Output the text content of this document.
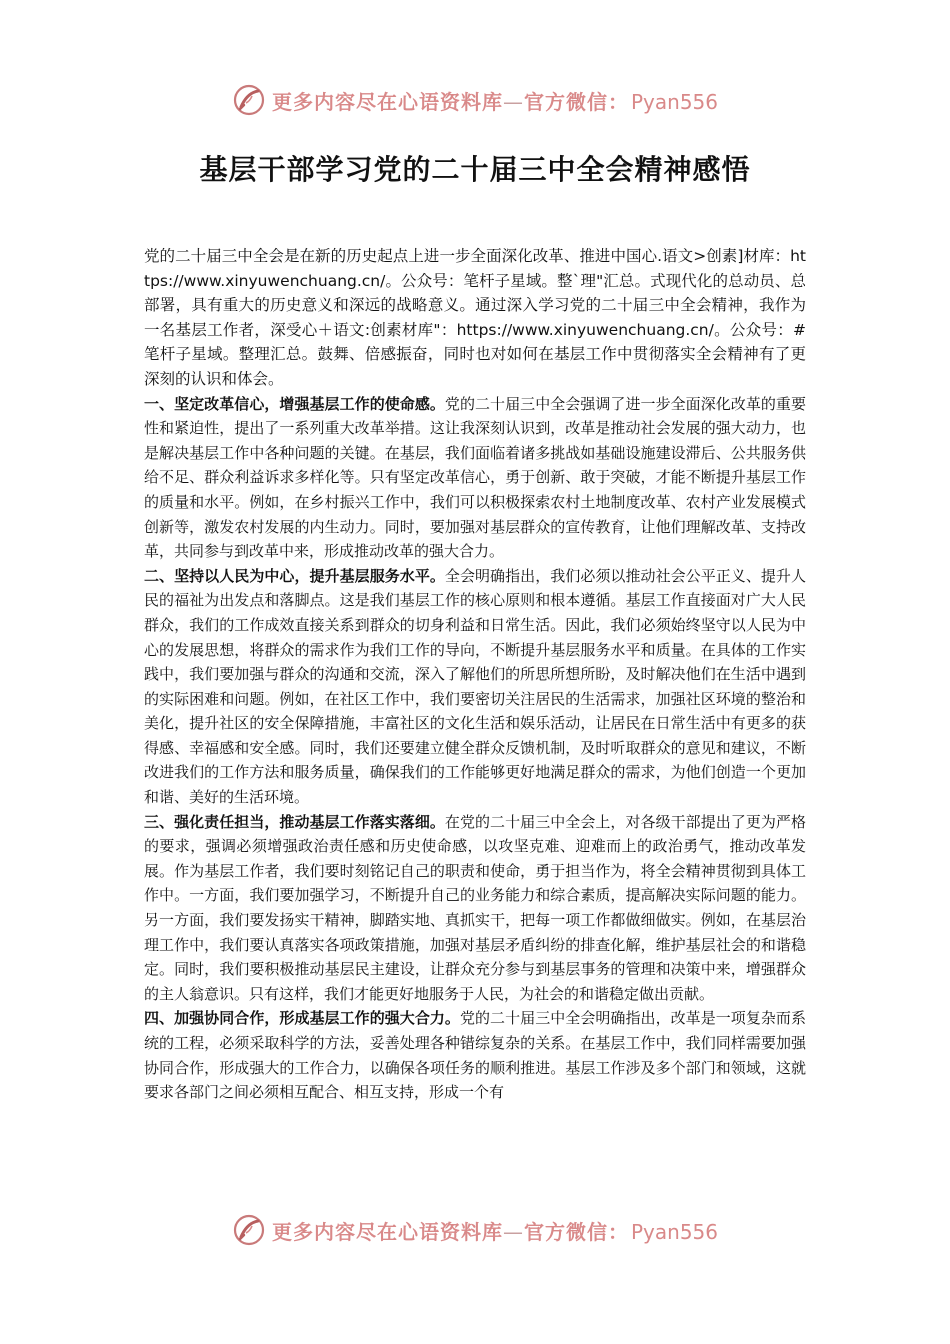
更多内容尽在心语资料库—官方微信： Pyan556
基层干部学习党的二十届三中全会精神感悟

党的二十届三中全会是在新的历史起点上进一步全面深化改革、推进中国心.语文>创素]材库：https://www.xinyuwenchuang.cn/。公众号：笔杆子星域。整`理"汇总。式现代化的总动员、总部署，具有重大的历史意义和深远的战略意义。通过深入学习党的二十届三中全会精神，我作为一名基层工作者，深受心＋语文:创素材库"：https://www.xinyuwenchuang.cn/。公众号：#笔杆子星域。整理汇总。鼓舞、倍感振奋，同时也对如何在基层工作中贯彻落实全会精神有了更深刻的认识和体会。

一、坚定改革信心，增强基层工作的使命感。党的二十届三中全会强调了进一步全面深化改革的重要性和紧迫性，提出了一系列重大改革举措。这让我深刻认识到，改革是推动社会发展的强大动力，也是解决基层工作中各种问题的关键。在基层，我们面临着诸多挑战如基础设施建设滞后、公共服务供给不足、群众利益诉求多样化等。只有坚定改革信心，勇于创新、敢于突破，才能不断提升基层工作的质量和水平。例如，在乡村振兴工作中，我们可以积极探索农村土地制度改革、农村产业发展模式创新等，激发农村发展的内生动力。同时，要加强对基层群众的宣传教育，让他们理解改革、支持改革，共同参与到改革中来，形成推动改革的强大合力。

二、坚持以人民为中心，提升基层服务水平。全会明确指出，我们必须以推动社会公平正义、提升人民的福祉为出发点和落脚点。这是我们基层工作的核心原则和根本遵循。基层工作直接面对广大人民群众，我们的工作成效直接关系到群众的切身利益和日常生活。因此，我们必须始终坚守以人民为中心的发展思想，将群众的需求作为我们工作的导向，不断提升基层服务水平和质量。在具体的工作实践中，我们要加强与群众的沟通和交流，深入了解他们的所思所想所盼，及时解决他们在生活中遇到的实际困难和问题。例如，在社区工作中，我们要密切关注居民的生活需求，加强社区环境的整治和美化，提升社区的安全保障措施，丰富社区的文化生活和娱乐活动，让居民在日常生活中有更多的获得感、幸福感和安全感。同时，我们还要建立健全群众反馈机制，及时听取群众的意见和建议，不断改进我们的工作方法和服务质量，确保我们的工作能够更好地满足群众的需求，为他们创造一个更加和谐、美好的生活环境。

三、强化责任担当，推动基层工作落实落细。在党的二十届三中全会上，对各级干部提出了更为严格的要求，强调必须增强政治责任感和历史使命感，以攻坚克难、迎难而上的政治勇气，推动改革发展。作为基层工作者，我们要时刻铭记自己的职责和使命，勇于担当作为，将全会精神贯彻到具体工作中。一方面，我们要加强学习，不断提升自己的业务能力和综合素质，提高解决实际问题的能力。另一方面，我们要发扬实干精神，脚踏实地、真抓实干，把每一项工作都做细做实。例如，在基层治理工作中，我们要认真落实各项政策措施，加强对基层矛盾纠纷的排查化解，维护基层社会的和谐稳定。同时，我们要积极推动基层民主建设，让群众充分参与到基层事务的管理和决策中来，增强群众的主人翁意识。只有这样，我们才能更好地服务于人民，为社会的和谐稳定做出贡献。

四、加强协同合作，形成基层工作的强大合力。党的二十届三中全会明确指出，改革是一项复杂而系统的工程，必须采取科学的方法，妥善处理各种错综复杂的关系。在基层工作中，我们同样需要加强协同合作，形成强大的工作合力，以确保各项任务的顺利推进。基层工作涉及多个部门和领域，这就要求各部门之间必须相互配合、相互支持，形成一个有

更多内容尽在心语资料库—官方微信： Pyan556
